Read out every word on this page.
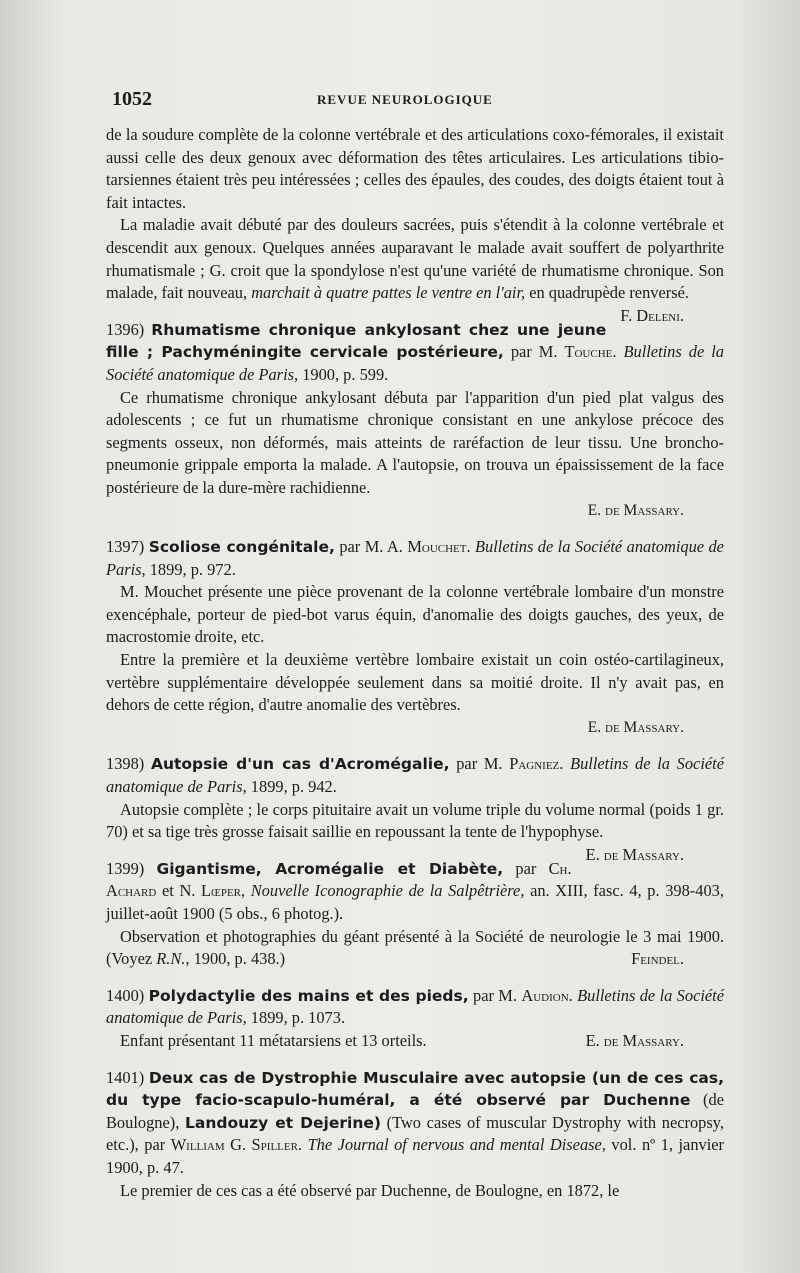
1052	REVUE NEUROLOGIQUE

de la soudure complète de la colonne vertébrale et des articulations coxo-fémorales, il existait aussi celle des deux genoux avec déformation des têtes articulaires. Les articulations tibio-tarsiennes étaient très peu intéressées ; celles des épaules, des coudes, des doigts étaient tout à fait intactes.

La maladie avait débuté par des douleurs sacrées, puis s'étendit à la colonne vertébrale et descendit aux genoux. Quelques années auparavant le malade avait souffert de polyarthrite rhumatismale ; G. croit que la spondylose n'est qu'une variété de rhumatisme chronique. Son malade, fait nouveau, marchait à quatre pattes le ventre en l'air, en quadrupède renversé.
F. Deleni.

1396) Rhumatisme chronique ankylosant chez une jeune fille ; Pachyméningite cervicale postérieure, par M. Touche. Bulletins de la Société anatomique de Paris, 1900, p. 599.

Ce rhumatisme chronique ankylosant débuta par l'apparition d'un pied plat valgus des adolescents ; ce fut un rhumatisme chronique consistant en une ankylose précoce des segments osseux, non déformés, mais atteints de raréfaction de leur tissu. Une broncho-pneumonie grippale emporta la malade. A l'autopsie, on trouva un épaississement de la face postérieure de la dure-mère rachidienne.

E. de Massary.

1397) Scoliose congénitale, par M. A. Mouchet. Bulletins de la Société anatomique de Paris, 1899, p. 972.

M. Mouchet présente une pièce provenant de la colonne vertébrale lombaire d'un monstre exencéphale, porteur de pied-bot varus équin, d'anomalie des doigts gauches, des yeux, de macrostomie droite, etc.

Entre la première et la deuxième vertèbre lombaire existait un coin ostéo-cartilagineux, vertèbre supplémentaire développée seulement dans sa moitié droite. Il n'y avait pas, en dehors de cette région, d'autre anomalie des vertèbres.

E. de Massary.

1398) Autopsie d'un cas d'Acromégalie, par M. Pagniez. Bulletins de la Société anatomique de Paris, 1899, p. 942.

Autopsie complète ; le corps pituitaire avait un volume triple du volume normal (poids 1 gr. 70) et sa tige très grosse faisait saillie en repoussant la tente de l'hypophyse.
E. de Massary.

1399) Gigantisme, Acromégalie et Diabète, par Ch. Achard et N. Lœper, Nouvelle Iconographie de la Salpêtrière, an. XIII, fasc. 4, p. 398-403, juillet-août 1900 (5 obs., 6 photog.).

Observation et photographies du géant présenté à la Société de neurologie le 3 mai 1900. (Voyez R.N., 1900, p. 438.)	Feindel.

1400) Polydactylie des mains et des pieds, par M. Audion. Bulletins de la Société anatomique de Paris, 1899, p. 1073.

Enfant présentant 11 métatarsiens et 13 orteils.	E. de Massary.

1401) Deux cas de Dystrophie Musculaire avec autopsie (un de ces cas, du type facio-scapulo-huméral, a été observé par Duchenne (de Boulogne), Landouzy et Dejerine) (Two cases of muscular Dystrophy with necropsy, etc.), par William G. Spiller. The Journal of nervous and mental Disease, vol. nº 1, janvier 1900, p. 47.

Le premier de ces cas a été observé par Duchenne, de Boulogne, en 1872, le
